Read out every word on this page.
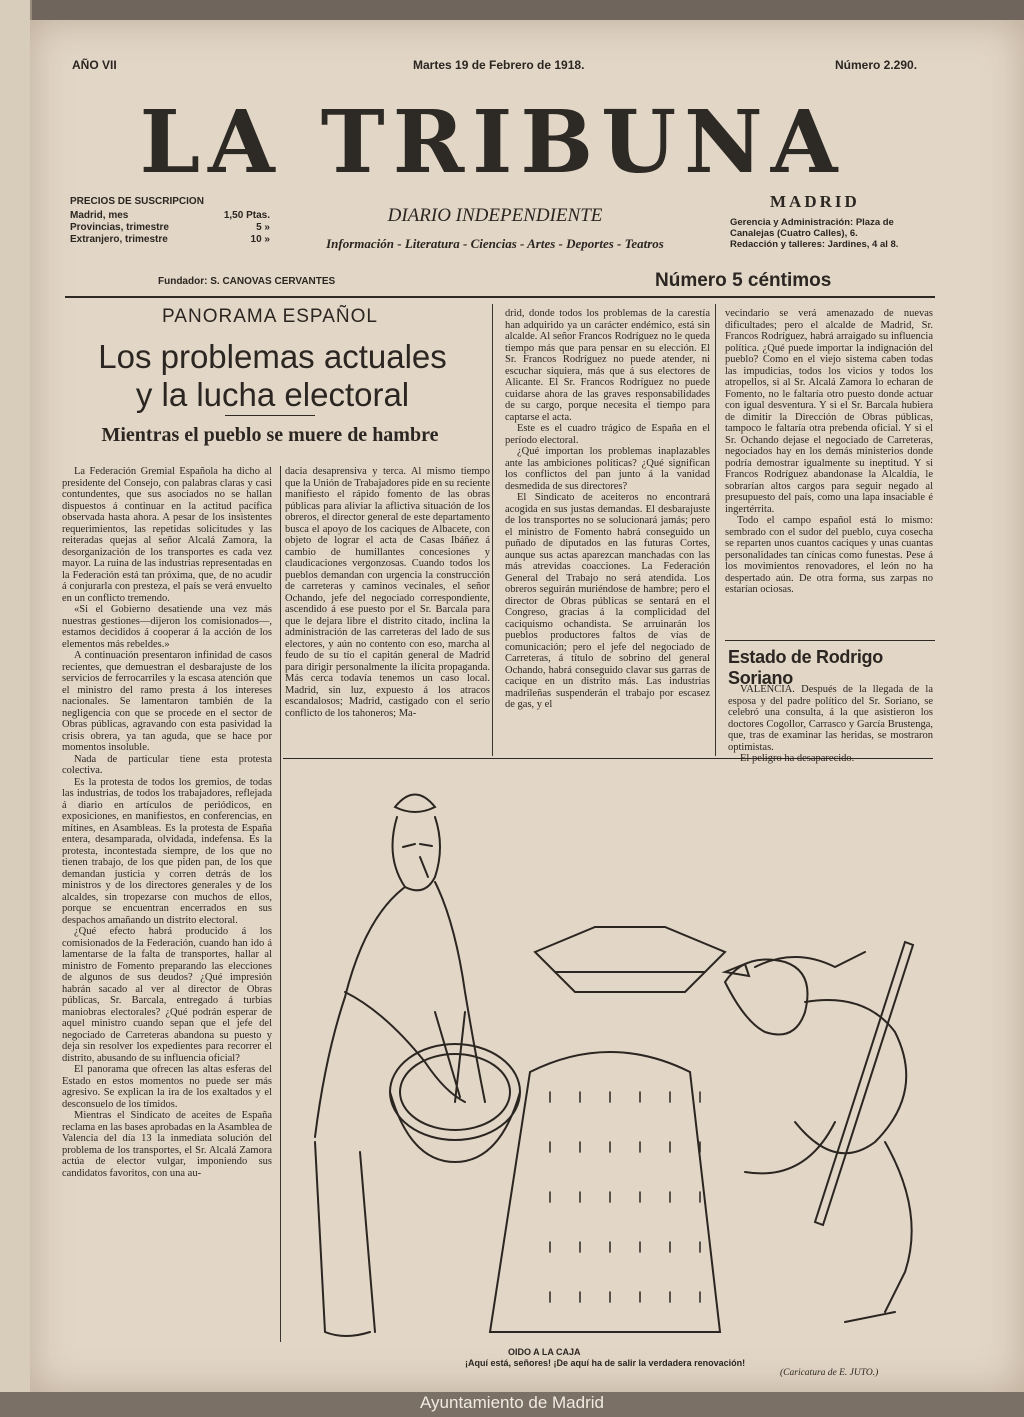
AÑO VII	Martes 19 de Febrero de 1918.	Número 2.290.
LA TRIBUNA
MADRID
PRECIOS DE SUSCRIPCION
Madrid, mes	1,50 Ptas.
Provincias, trimestre	5 »
Extranjero, trimestre	10 »
DIARIO INDEPENDIENTE
Información - Literatura - Ciencias - Artes - Deportes - Teatros
Gerencia y Administración: Plaza de Canalejas (Cuatro Calles), 6.
Redacción y talleres: Jardines, 4 al 8.
Fundador: S. CANOVAS CERVANTES	Número 5 céntimos
PANORAMA ESPAÑOL
Los problemas actuales
y la lucha electoral
Mientras el pueblo se muere de hambre

La Federación Gremial Española ha dicho al presidente del Consejo, con palabras claras y casi contundentes, que sus asociados no se hallan dispuestos á continuar en la actitud pacífica observada hasta ahora. A pesar de los insistentes requerimientos, las repetidas solicitudes y las reiteradas quejas al señor Alcalá Zamora, la desorganización de los transportes es cada vez mayor. La ruina de las industrias representadas en la Federación está tan próxima, que, de no acudir á conjurarla con presteza, el país se verá envuelto en un conflicto tremendo.

«Si el Gobierno desatiende una vez más nuestras gestiones—dijeron los comisionados—, estamos decididos á cooperar á la acción de los elementos más rebeldes.»

A continuación presentaron infinidad de casos recientes, que demuestran el desbarajuste de los servicios de ferrocarriles y la escasa atención que el ministro del ramo presta á los intereses nacionales. Se lamentaron también de la negligencia con que se procede en el sector de Obras públicas, agravando con esta pasividad la crisis obrera, ya tan aguda, que se hace por momentos insoluble.

Nada de particular tiene esta protesta colectiva.

Es la protesta de todos los gremios, de todas las industrias, de todos los trabajadores, reflejada á diario en artículos de periódicos, en exposiciones, en manifiestos, en conferencias, en mítines, en Asambleas. Es la protesta de España entera, desamparada, olvidada, indefensa. Es la protesta, incontestada siempre, de los que no tienen trabajo, de los que piden pan, de los que demandan justicia y corren detrás de los ministros y de los directores generales y de los alcaldes, sin tropezarse con muchos de ellos, porque se encuentran encerrados en sus despachos amañando un distrito electoral.

¿Qué efecto habrá producido á los comisionados de la Federación, cuando han ido á lamentarse de la falta de transportes, hallar al ministro de Fomento preparando las elecciones de algunos de sus deudos? ¿Qué impresión habrán sacado al ver al director de Obras públicas, Sr. Barcala, entregado á turbias maniobras electorales? ¿Qué podrán esperar de aquel ministro cuando sepan que el jefe del negociado de Carreteras abandona su puesto y deja sin resolver los expedientes para recorrer el distrito, abusando de su influencia oficial?

El panorama que ofrecen las altas esferas del Estado en estos momentos no puede ser más agresivo. Se explican la ira de los exaltados y el desconsuelo de los tímidos.

Mientras el Sindicato de aceites de España reclama en las bases aprobadas en la Asamblea de Valencia del día 13 la inmediata solución del problema de los transportes, el Sr. Alcalá Zamora actúa de elector vulgar, imponiendo sus candidatos favoritos, con una au-

dacia desaprensiva y terca. Al mismo tiempo que la Unión de Trabajadores pide en su reciente manifiesto el rápido fomento de las obras públicas para aliviar la aflictiva situación de los obreros, el director general de este departamento busca el apoyo de los caciques de Albacete, con objeto de lograr el acta de Casas Ibáñez á cambio de humillantes concesiones y claudicaciones vergonzosas. Cuando todos los pueblos demandan con urgencia la construcción de carreteras y caminos vecinales, el señor Ochando, jefe del negociado correspondiente, ascendido á ese puesto por el Sr. Barcala para que le dejara libre el distrito citado, inclina la administración de las carreteras del lado de sus electores, y aún no contento con eso, marcha al feudo de su tío el capitán general de Madrid para dirigir personalmente la ilícita propaganda. Más cerca todavía tenemos un caso local. Madrid, sin luz, expuesto á los atracos escandalosos; Madrid, castigado con el serio conflicto de los tahoneros; Ma-

drid, donde todos los problemas de la carestía han adquirido ya un carácter endémico, está sin alcalde. Al señor Francos Rodríguez no le queda tiempo más que para pensar en su elección. El Sr. Francos Rodríguez no puede atender, ni escuchar siquiera, más que á sus electores de Alicante. El Sr. Francos Rodríguez no puede cuidarse ahora de las graves responsabilidades de su cargo, porque necesita el tiempo para captarse el acta.

Este es el cuadro trágico de España en el período electoral.

¿Qué importan los problemas inaplazables ante las ambiciones políticas? ¿Qué significan los conflictos del pan junto á la vanidad desmedida de sus directores?

El Sindicato de aceiteros no encontrará acogida en sus justas demandas. El desbarajuste de los transportes no se solucionará jamás; pero el ministro de Fomento habrá conseguido un puñado de diputados en las futuras Cortes, aunque sus actas aparezcan manchadas con las más atrevidas coacciones. La Federación General del Trabajo no será atendida. Los obreros seguirán muriéndose de hambre; pero el director de Obras públicas se sentará en el Congreso, gracias á la complicidad del caciquismo ochandista. Se arruinarán los pueblos productores faltos de vías de comunicación; pero el jefe del negociado de Carreteras, á título de sobrino del general Ochando, habrá conseguido clavar sus garras de cacique en un distrito más. Las industrias madrileñas suspenderán el trabajo por escasez de gas, y el

vecindario se verá amenazado de nuevas dificultades; pero el alcalde de Madrid, Sr. Francos Rodríguez, habrá arraigado su influencia política. ¿Qué puede importar la indignación del pueblo? Como en el viejo sistema caben todas las impudicias, todos los vicios y todos los atropellos, si al Sr. Alcalá Zamora lo echaran de Fomento, no le faltaría otro puesto donde actuar con igual desventura. Y si el Sr. Barcala hubiera de dimitir la Dirección de Obras públicas, tampoco le faltaría otra prebenda oficial. Y si el Sr. Ochando dejase el negociado de Carreteras, negociados hay en los demás ministerios donde podría demostrar igualmente su ineptitud. Y si Francos Rodríguez abandonase la Alcaldía, le sobrarían altos cargos para seguir negado al presupuesto del país, como una lapa insaciable é ingertérrita.

Todo el campo español está lo mismo: sembrado con el sudor del pueblo, cuya cosecha se reparten unos cuantos caciques y unas cuantas personalidades tan cínicas como funestas. Pese á los movimientos renovadores, el león no ha despertado aún. De otra forma, sus zarpas no estarían ociosas.

Estado de Rodrigo Soriano

VALENCIA. Después de la llegada de la esposa y del padre político del Sr. Soriano, se celebró una consulta, á la que asistieron los doctores Cogollor, Carrasco y García Brustenga, que, tras de examinar las heridas, se mostraron optimistas.

El peligro ha desaparecido.

OIDO A LA CAJA
¡Aquí está, señores! ¡De aquí ha de salir la verdadera renovación!
(Caricatura de E. JUTO.)
Ayuntamiento de Madrid
